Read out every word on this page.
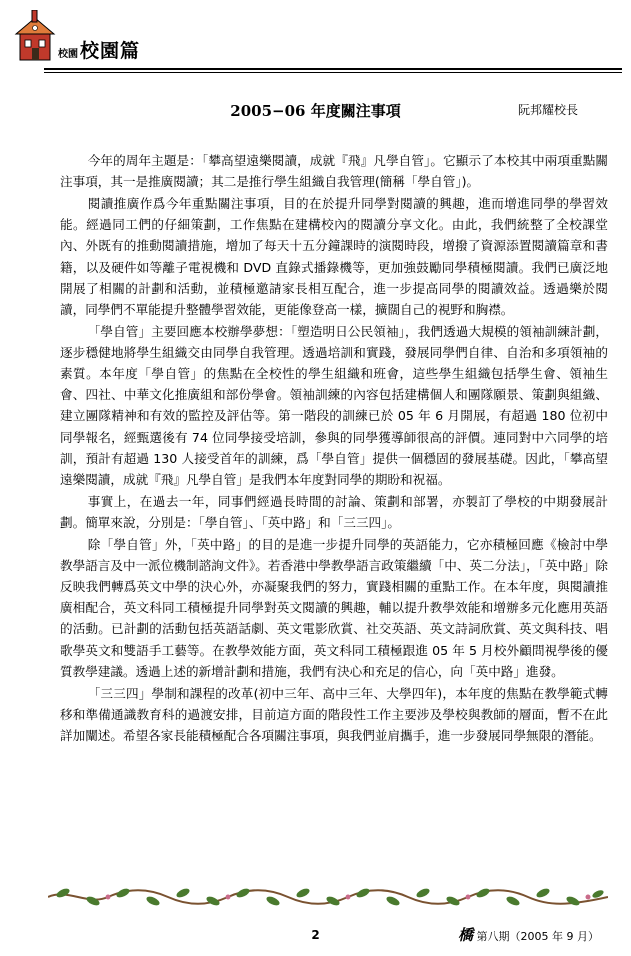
校園 校園篇
2005−06 年度關注事項	阮邦耀校長

今年的周年主題是：「攀高望遠樂閱讀，成就『飛』凡學自管」。它顯示了本校其中兩項重點關注事項，其一是推廣閱讀；其二是推行學生組織自我管理(簡稱「學自管」)。

閱讀推廣作爲今年重點關注事項，目的在於提升同學對閱讀的興趣，進而增進同學的學習效能。經過同工們的仔細策劃，工作焦點在建構校內的閱讀分享文化。由此，我們統整了全校課堂內、外既有的推動閱讀措施，增加了每天十五分鐘課時的演閱時段，增撥了資源添置閱讀篇章和書籍，以及硬件如等離子電視機和 DVD 直錄式播錄機等，更加強鼓勵同學積極閱讀。我們已廣泛地開展了相關的計劃和活動，並積極邀請家長相互配合，進一步提高同學的閱讀效益。透過樂於閱讀，同學們不單能提升整體學習效能，更能像登高一樣，擴闊自己的視野和胸襟。

「學自管」主要回應本校辦學夢想：「塑造明日公民領袖」，我們透過大規模的領袖訓練計劃，逐步穩健地將學生組織交由同學自我管理。透過培訓和實踐，發展同學們自律、自治和多項領袖的素質。本年度「學自管」的焦點在全校性的學生組織和班會，這些學生組織包括學生會、領袖生會、四社、中華文化推廣組和部份學會。領袖訓練的內容包括建構個人和團隊願景、策劃與組織、建立團隊精神和有效的監控及評估等。第一階段的訓練已於 05 年 6 月開展，有超過 180 位初中同學報名，經甄選後有 74 位同學接受培訓，參與的同學獲導師很高的評價。連同對中六同學的培訓，預計有超過 130 人接受首年的訓練，爲「學自管」提供一個穩固的發展基礎。因此，「攀高望遠樂閱讀，成就『飛』凡學自管」是我們本年度對同學的期盼和祝福。

事實上，在過去一年，同事們經過長時間的討論、策劃和部署，亦製訂了學校的中期發展計劃。簡單來說，分別是：「學自管」、「英中路」和「三三四」。

除「學自管」外，「英中路」的目的是進一步提升同學的英語能力，它亦積極回應《檢討中學教學語言及中一派位機制諮詢文件》。若香港中學教學語言政策繼續「中、英二分法」，「英中路」除反映我們轉爲英文中學的決心外，亦凝聚我們的努力，實踐相關的重點工作。在本年度，與閱讀推廣相配合，英文科同工積極提升同學對英文閱讀的興趣，輔以提升教學效能和增辦多元化應用英語的活動。已計劃的活動包括英語話劇、英文電影欣賞、社交英語、英文詩詞欣賞、英文與科技、唱歌學英文和雙語手工藝等。在教學效能方面，英文科同工積極跟進 05 年 5 月校外顧問視學後的優質教學建議。透過上述的新增計劃和措施，我們有決心和充足的信心，向「英中路」進發。

「三三四」學制和課程的改革(初中三年、高中三年、大學四年)，本年度的焦點在教學範式轉移和準備通識教育科的過渡安排，目前這方面的階段性工作主要涉及學校與教師的層面，暫不在此詳加闡述。希望各家長能積極配合各項關注事項，與我們並肩攜手，進一步發展同學無限的潛能。

2	橋 第八期（2005 年 9 月）
